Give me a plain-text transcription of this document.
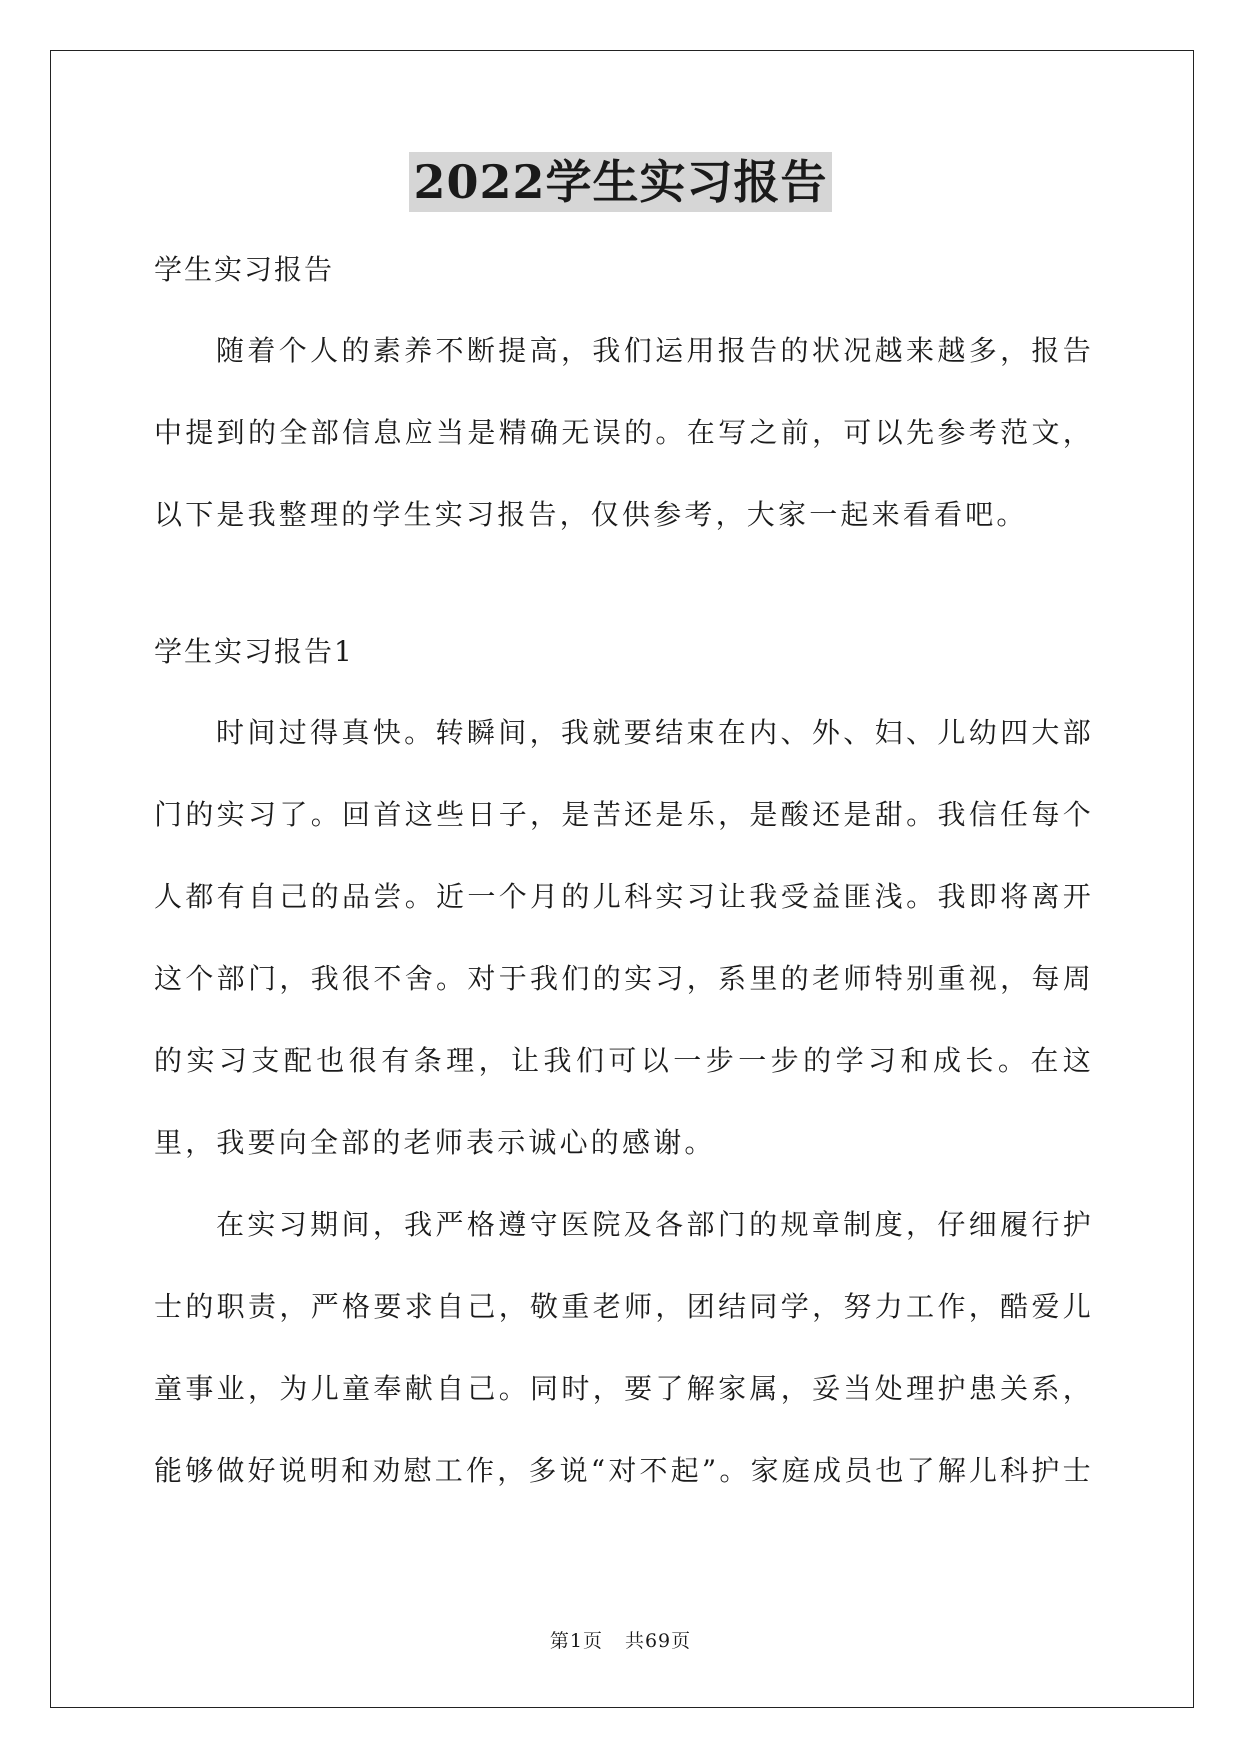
2022学生实习报告
学生实习报告

随着个人的素养不断提高，我们运用报告的状况越来越多，报告中提到的全部信息应当是精确无误的。在写之前，可以先参考范文，以下是我整理的学生实习报告，仅供参考，大家一起来看看吧。

学生实习报告1

时间过得真快。转瞬间，我就要结束在内、外、妇、儿幼四大部门的实习了。回首这些日子，是苦还是乐，是酸还是甜。我信任每个人都有自己的品尝。近一个月的儿科实习让我受益匪浅。我即将离开这个部门，我很不舍。对于我们的实习，系里的老师特别重视，每周的实习支配也很有条理，让我们可以一步一步的学习和成长。在这里，我要向全部的老师表示诚心的感谢。

在实习期间，我严格遵守医院及各部门的规章制度，仔细履行护士的职责，严格要求自己，敬重老师，团结同学，努力工作，酷爱儿童事业，为儿童奉献自己。同时，要了解家属，妥当处理护患关系，能够做好说明和劝慰工作，多说“对不起”。家庭成员也了解儿科护士

第1页 共69页
